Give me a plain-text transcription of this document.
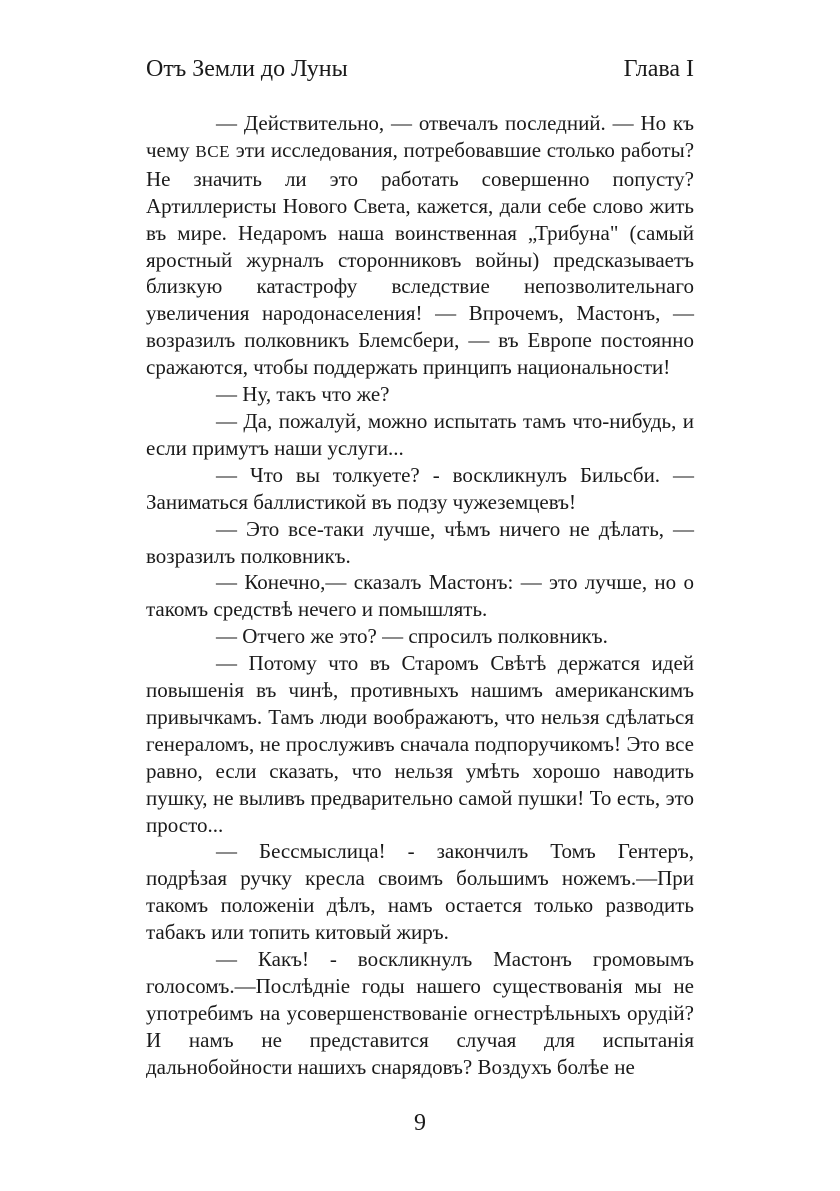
Отъ Земли до Луны	Глава I

— Действительно, — отвечалъ последний. — Но къ чему ВСЕ эти исследования, потребовавшие столько работы? Не значить ли это работать совершенно попусту? Артиллеристы Нового Света, кажется, дали себе слово жить въ мире. Недаромъ наша воинственная „Трибуна" (самый яростный журналъ сторонниковъ войны) предсказываетъ близкую катастрофу вследствие непозволительнаго увеличения народонаселения! — Впрочемъ, Мастонъ, — возразилъ полковникъ Блемсбери, — въ Европе постоянно сражаются, чтобы поддержать принципъ национальности!

— Ну, такъ что же?

— Да, пожалуй, можно испытать тамъ что-нибудь, и если примутъ наши услуги...

— Что вы толкуете? - воскликнулъ Бильсби. — Заниматься баллистикой въ подзу чужеземцевъ!

— Это все-таки лучше, чѣмъ ничего не дѣлать, — возразилъ полковникъ.

— Конечно,— сказалъ Мастонъ: — это лучше, но о такомъ средствѣ нечего и помышлять.

— Отчего же это? — спросилъ полковникъ.

— Потому что въ Старомъ Свѣтѣ держатся идей повышенія въ чинѣ, противныхъ нашимъ американскимъ привычкамъ. Тамъ люди воображаютъ, что нельзя сдѣлаться генераломъ, не прослуживъ сначала подпоручикомъ! Это все равно, если сказать, что нельзя умѣть хорошо наводить пушку, не выливъ предварительно самой пушки! То есть, это просто...

— Бессмыслица! - закончилъ Томъ Гентеръ, подрѣзая ручку кресла своимъ большимъ ножемъ.—При такомъ положеніи дѣлъ, намъ остается только разводить табакъ или топить китовый жиръ.

— Какъ! - воскликнулъ Мастонъ громовымъ голосомъ.—Послѣдніе годы нашего существованія мы не употребимъ на усовершенствованіе огнестрѣльныхъ орудій? И намъ не представится случая для испытанія дальнобойности нашихъ снарядовъ? Воздухъ болѣе не

9
